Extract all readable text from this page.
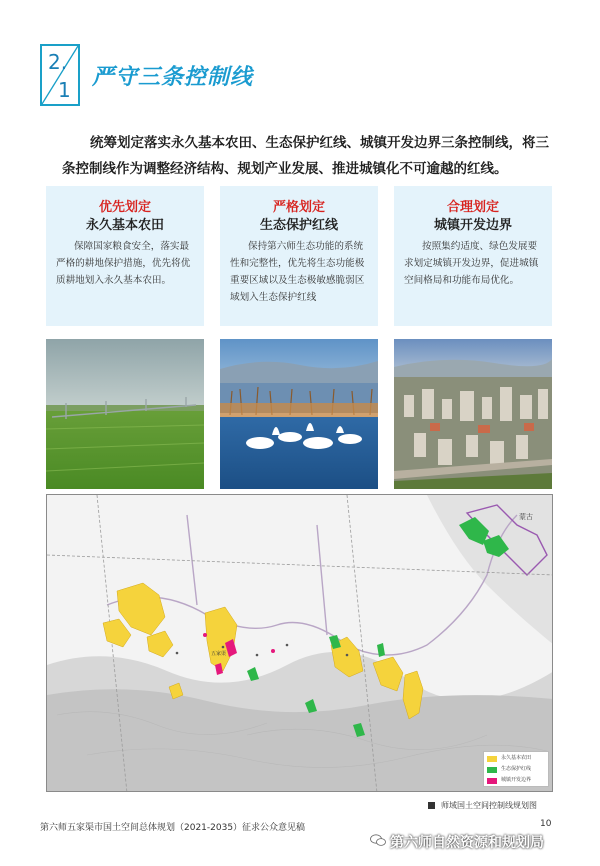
2.
1 严守三条控制线
统筹划定落实永久基本农田、生态保护红线、城镇开发边界三条控制线，将三条控制线作为调整经济结构、规划产业发展、推进城镇化不可逾越的红线。
优先划定
永久基本农田
保障国家粮食安全，落实最严格的耕地保护措施，优先将优质耕地划入永久基本农田。
严格划定
生态保护红线
保持第六师生态功能的系统性和完整性，优先将生态功能极重要区域以及生态极敏感脆弱区域划入生态保护红线
合理划定
城镇开发边界
按照集约适度、绿色发展要求划定城镇开发边界，促进城镇空间格局和功能布局优化。
蒙古
五家渠
永久基本农田
生态保护红线
城镇开发边界
师域国土空间控制线规划图
第六师五家渠市国土空间总体规划（2021-2035）征求公众意见稿	10
第六师自然资源和规划局
